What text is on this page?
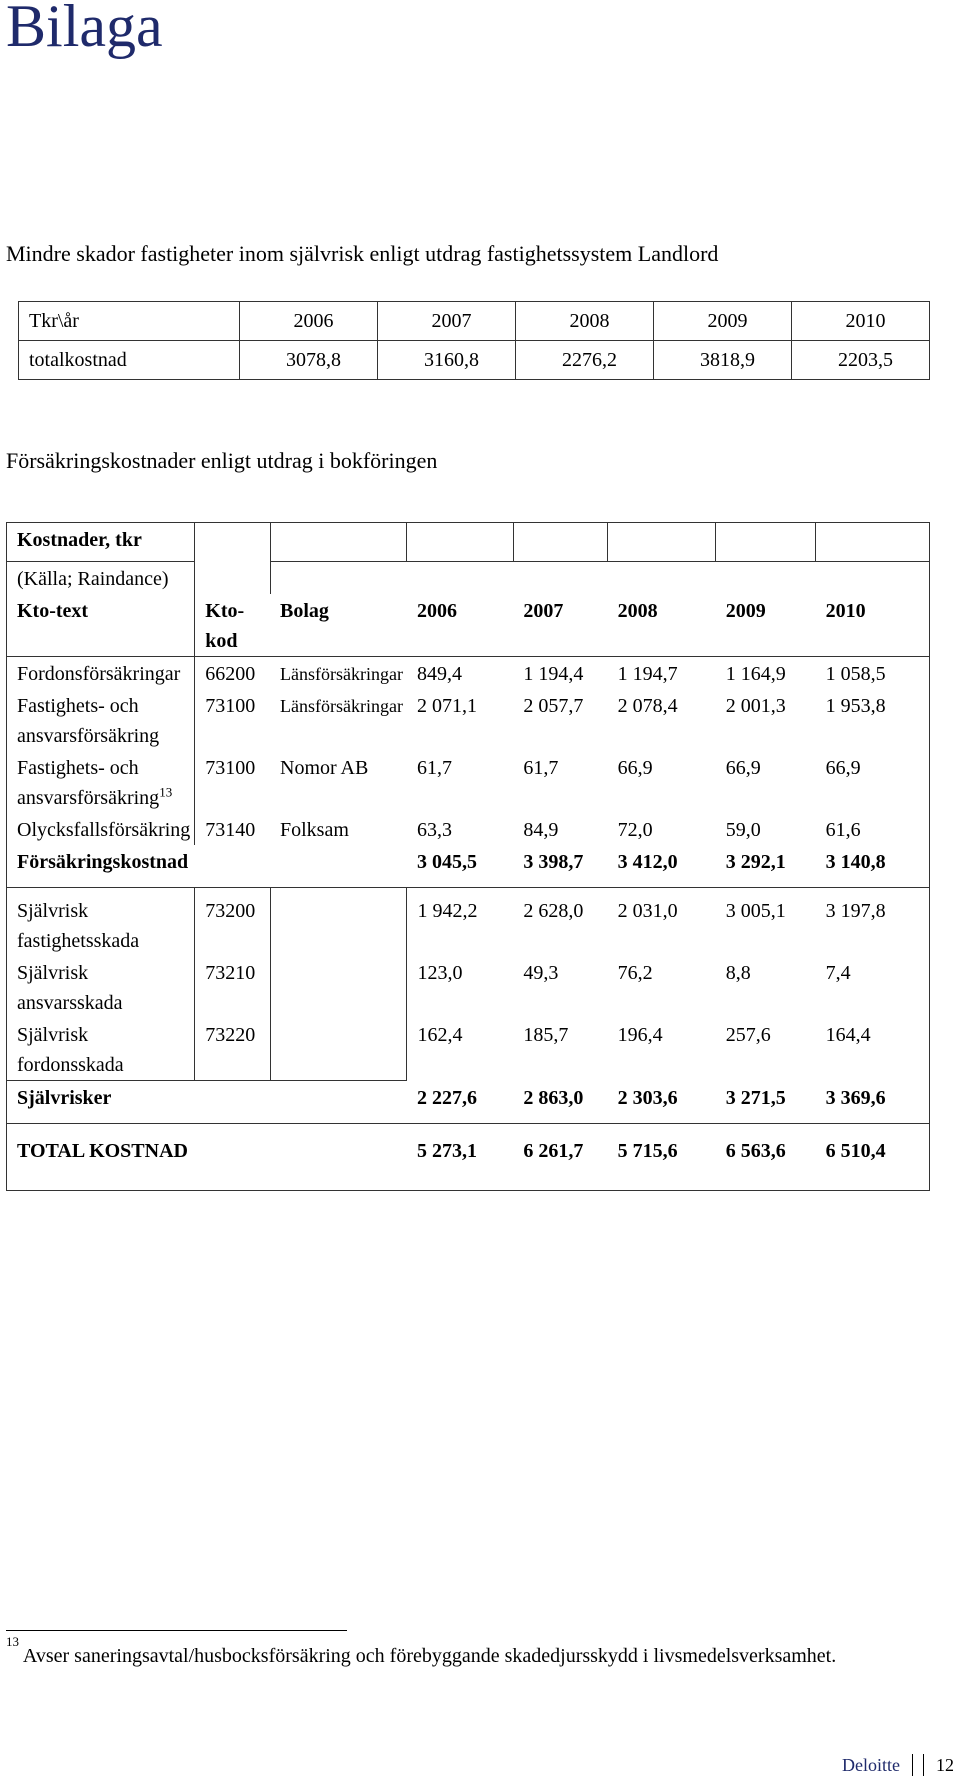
Bilaga

Mindre skador fastigheter inom självrisk enligt utdrag fastighetssystem Landlord

Tkr\år	2006	2007	2008	2009	2010
totalkostnad	3078,8	3160,8	2276,2	3818,9	2203,5

Försäkringskostnader enligt utdrag i bokföringen

Kostnader, tkr							
(Källa; Raindance)							
Kto-text	Kto-kod	Bolag	2006	2007	2008	2009	2010
Fordonsförsäkringar	66200	Länsförsäkringar	849,4	1 194,4	1 194,7	1 164,9	1 058,5
Fastighets- och ansvarsförsäkring	73100	Länsförsäkringar	2 071,1	2 057,7	2 078,4	2 001,3	1 953,8
Fastighets- och ansvarsförsäkring$^{13}$	73100	Nomor AB	61,7	61,7	66,9	66,9	66,9
Olycksfallsförsäkring	73140	Folksam	63,3	84,9	72,0	59,0	61,6
Försäkringskostnad			3 045,5	3 398,7	3 412,0	3 292,1	3 140,8
Självrisk fastighetsskada	73200		1 942,2	2 628,0	2 031,0	3 005,1	3 197,8
Självrisk ansvarsskada	73210		123,0	49,3	76,2	8,8	7,4
Självrisk fordonsskada	73220		162,4	185,7	196,4	257,6	164,4
Självrisker			2 227,6	2 863,0	2 303,6	3 271,5	3 369,6
TOTAL KOSTNAD			5 273,1	6 261,7	5 715,6	6 563,6	6 510,4

$^{13}$ Avser saneringsavtal/husbocksförsäkring och förebyggande skadedjursskydd i livsmedelsverksamhet.

Deloitte 12
